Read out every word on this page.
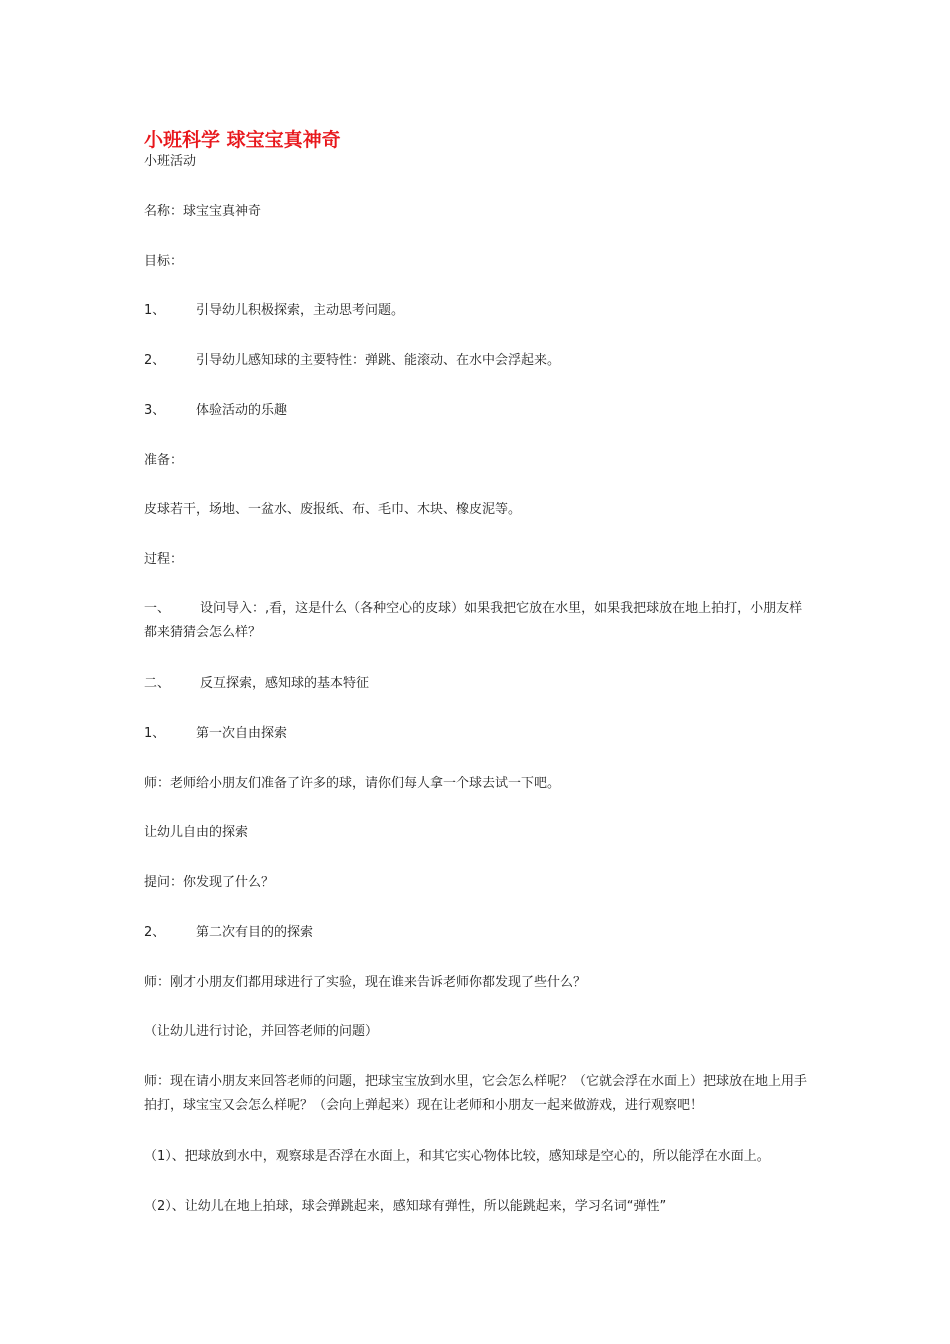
小班科学 球宝宝真神奇
小班活动
名称：球宝宝真神奇
目标：
1、 引导幼儿积极探索，主动思考问题。
2、 引导幼儿感知球的主要特性：弹跳、能滚动、在水中会浮起来。
3、 体验活动的乐趣
准备：
皮球若干，场地、一盆水、废报纸、布、毛巾、木块、橡皮泥等。
过程：
一、 设问导入：,看，这是什么（各种空心的皮球）如果我把它放在水里，如果我把球放在地上拍打，小朋友样都来猜猜会怎么样？
二、 反互探索，感知球的基本特征
1、 第一次自由探索
师：老师给小朋友们准备了许多的球，请你们每人拿一个球去试一下吧。
让幼儿自由的探索
提问：你发现了什么？
2、 第二次有目的的探索
师：刚才小朋友们都用球进行了实验，现在谁来告诉老师你都发现了些什么？
（让幼儿进行讨论，并回答老师的问题）
师：现在请小朋友来回答老师的问题，把球宝宝放到水里，它会怎么样呢？（它就会浮在水面上）把球放在地上用手拍打，球宝宝又会怎么样呢？（会向上弹起来）现在让老师和小朋友一起来做游戏，进行观察吧！
（1）、把球放到水中，观察球是否浮在水面上，和其它实心物体比较，感知球是空心的，所以能浮在水面上。
（2）、让幼儿在地上拍球，球会弹跳起来，感知球有弹性，所以能跳起来，学习名词“弹性”
